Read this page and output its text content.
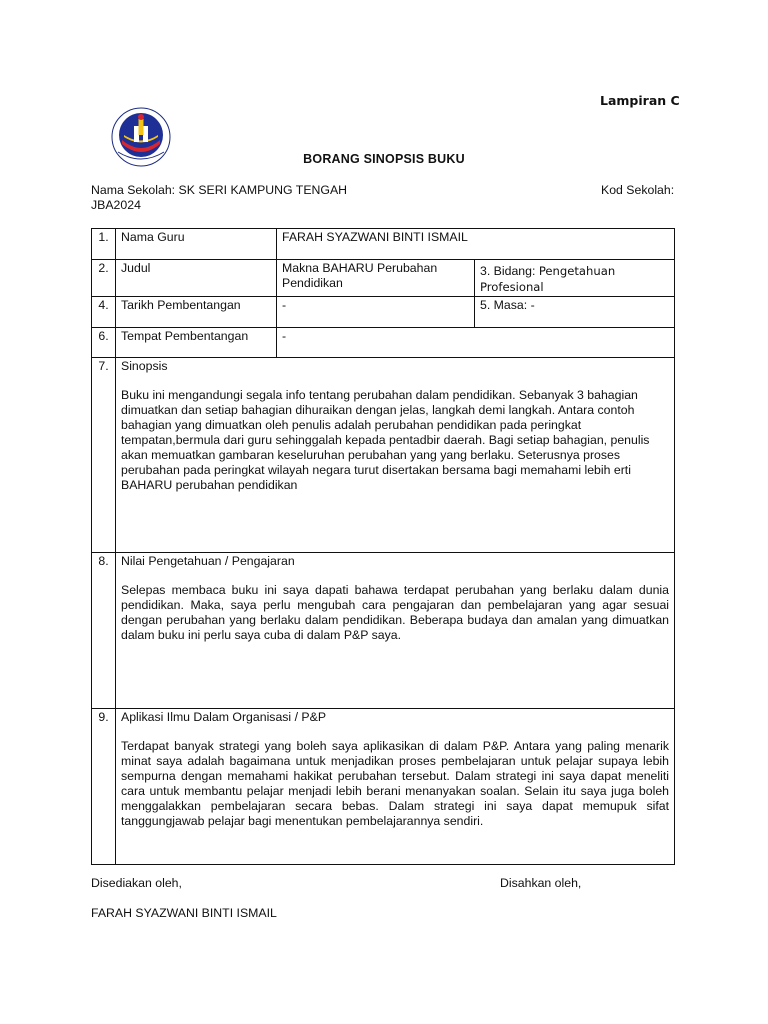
Lampiran C
BORANG SINOPSIS BUKU
Nama Sekolah: SK SERI KAMPUNG TENGAH
JBA2024
Kod Sekolah:
1.	Nama Guru	FARAH SYAZWANI BINTI ISMAIL	
2.	Judul	Makna BAHARU Perubahan Pendidikan	3. Bidang: Pengetahuan Profesional
4.	Tarikh Pembentangan	-	5. Masa: -
6.	Tempat Pembentangan	-	
7.	Sinopsis
Buku ini mengandungi segala info tentang perubahan dalam pendidikan. Sebanyak 3 bahagian dimuatkan dan setiap bahagian dihuraikan dengan jelas, langkah demi langkah. Antara contoh bahagian yang dimuatkan oleh penulis adalah perubahan pendidikan pada peringkat tempatan,bermula dari guru sehinggalah kepada pentadbir daerah. Bagi setiap bahagian, penulis akan memuatkan gambaran keseluruhan perubahan yang yang berlaku. Seterusnya proses perubahan pada peringkat wilayah negara turut disertakan bersama bagi memahami lebih erti BAHARU perubahan pendidikan		

8.	Nilai Pengetahuan / Pengajaran
Selepas membaca buku ini saya dapati bahawa terdapat perubahan yang berlaku dalam dunia pendidikan. Maka, saya perlu mengubah cara pengajaran dan pembelajaran yang agar sesuai dengan perubahan yang berlaku dalam pendidikan. Beberapa budaya dan amalan yang dimuatkan dalam buku ini perlu saya cuba di dalam P&P saya.		

9.	Aplikasi Ilmu Dalam Organisasi / P&P
Terdapat banyak strategi yang boleh saya aplikasikan di dalam P&P. Antara yang paling menarik minat saya adalah bagaimana untuk menjadikan proses pembelajaran untuk pelajar supaya lebih sempurna dengan memahami hakikat perubahan tersebut. Dalam strategi ini saya dapat meneliti cara untuk membantu pelajar menjadi lebih berani menanyakan soalan. Selain itu saya juga boleh menggalakkan pembelajaran secara bebas. Dalam strategi ini saya dapat memupuk sifat tanggungjawab pelajar bagi menentukan pembelajarannya sendiri.		
Disediakan oleh,	Disahkan oleh,
FARAH SYAZWANI BINTI ISMAIL
